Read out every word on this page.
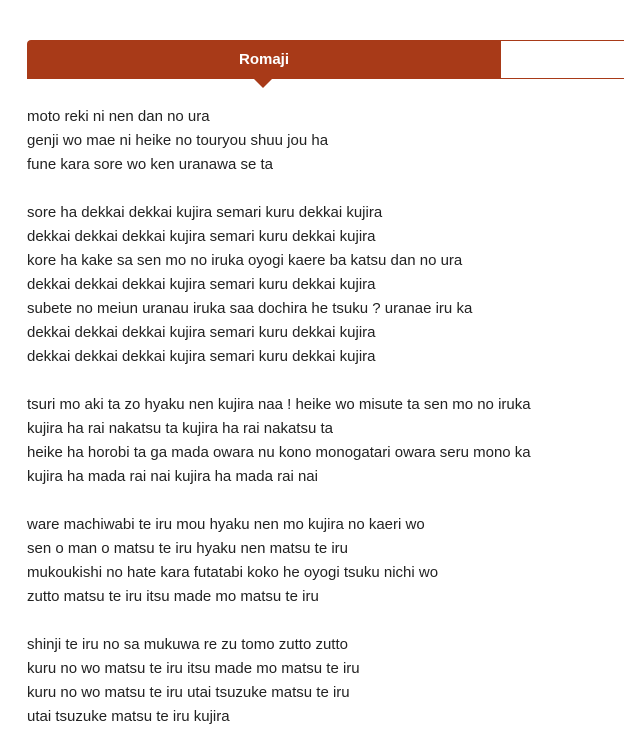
Romaji
moto reki ni nen dan no ura
genji wo mae ni heike no touryou shuu jou ha
fune kara sore wo ken uranawa se ta
sore ha dekkai dekkai kujira semari kuru dekkai kujira
dekkai dekkai dekkai kujira semari kuru dekkai kujira
kore ha kake sa sen mo no iruka oyogi kaere ba katsu dan no ura
dekkai dekkai dekkai kujira semari kuru dekkai kujira
subete no meiun uranau iruka saa dochira he tsuku ? uranae iru ka
dekkai dekkai dekkai kujira semari kuru dekkai kujira
dekkai dekkai dekkai kujira semari kuru dekkai kujira
tsuri mo aki ta zo hyaku nen kujira naa ! heike wo misute ta sen mo no iruka
kujira ha rai nakatsu ta kujira ha rai nakatsu ta
heike ha horobi ta ga mada owara nu kono monogatari owara seru mono ka
kujira ha mada rai nai kujira ha mada rai nai
ware machiwabi te iru mou hyaku nen mo kujira no kaeri wo
sen o man o matsu te iru hyaku nen matsu te iru
mukoukishi no hate kara futatabi koko he oyogi tsuku nichi wo
zutto matsu te iru itsu made mo matsu te iru
shinji te iru no sa mukuwa re zu tomo zutto zutto
kuru no wo matsu te iru itsu made mo matsu te iru
kuru no wo matsu te iru utai tsuzuke matsu te iru
utai tsuzuke matsu te iru kujira
